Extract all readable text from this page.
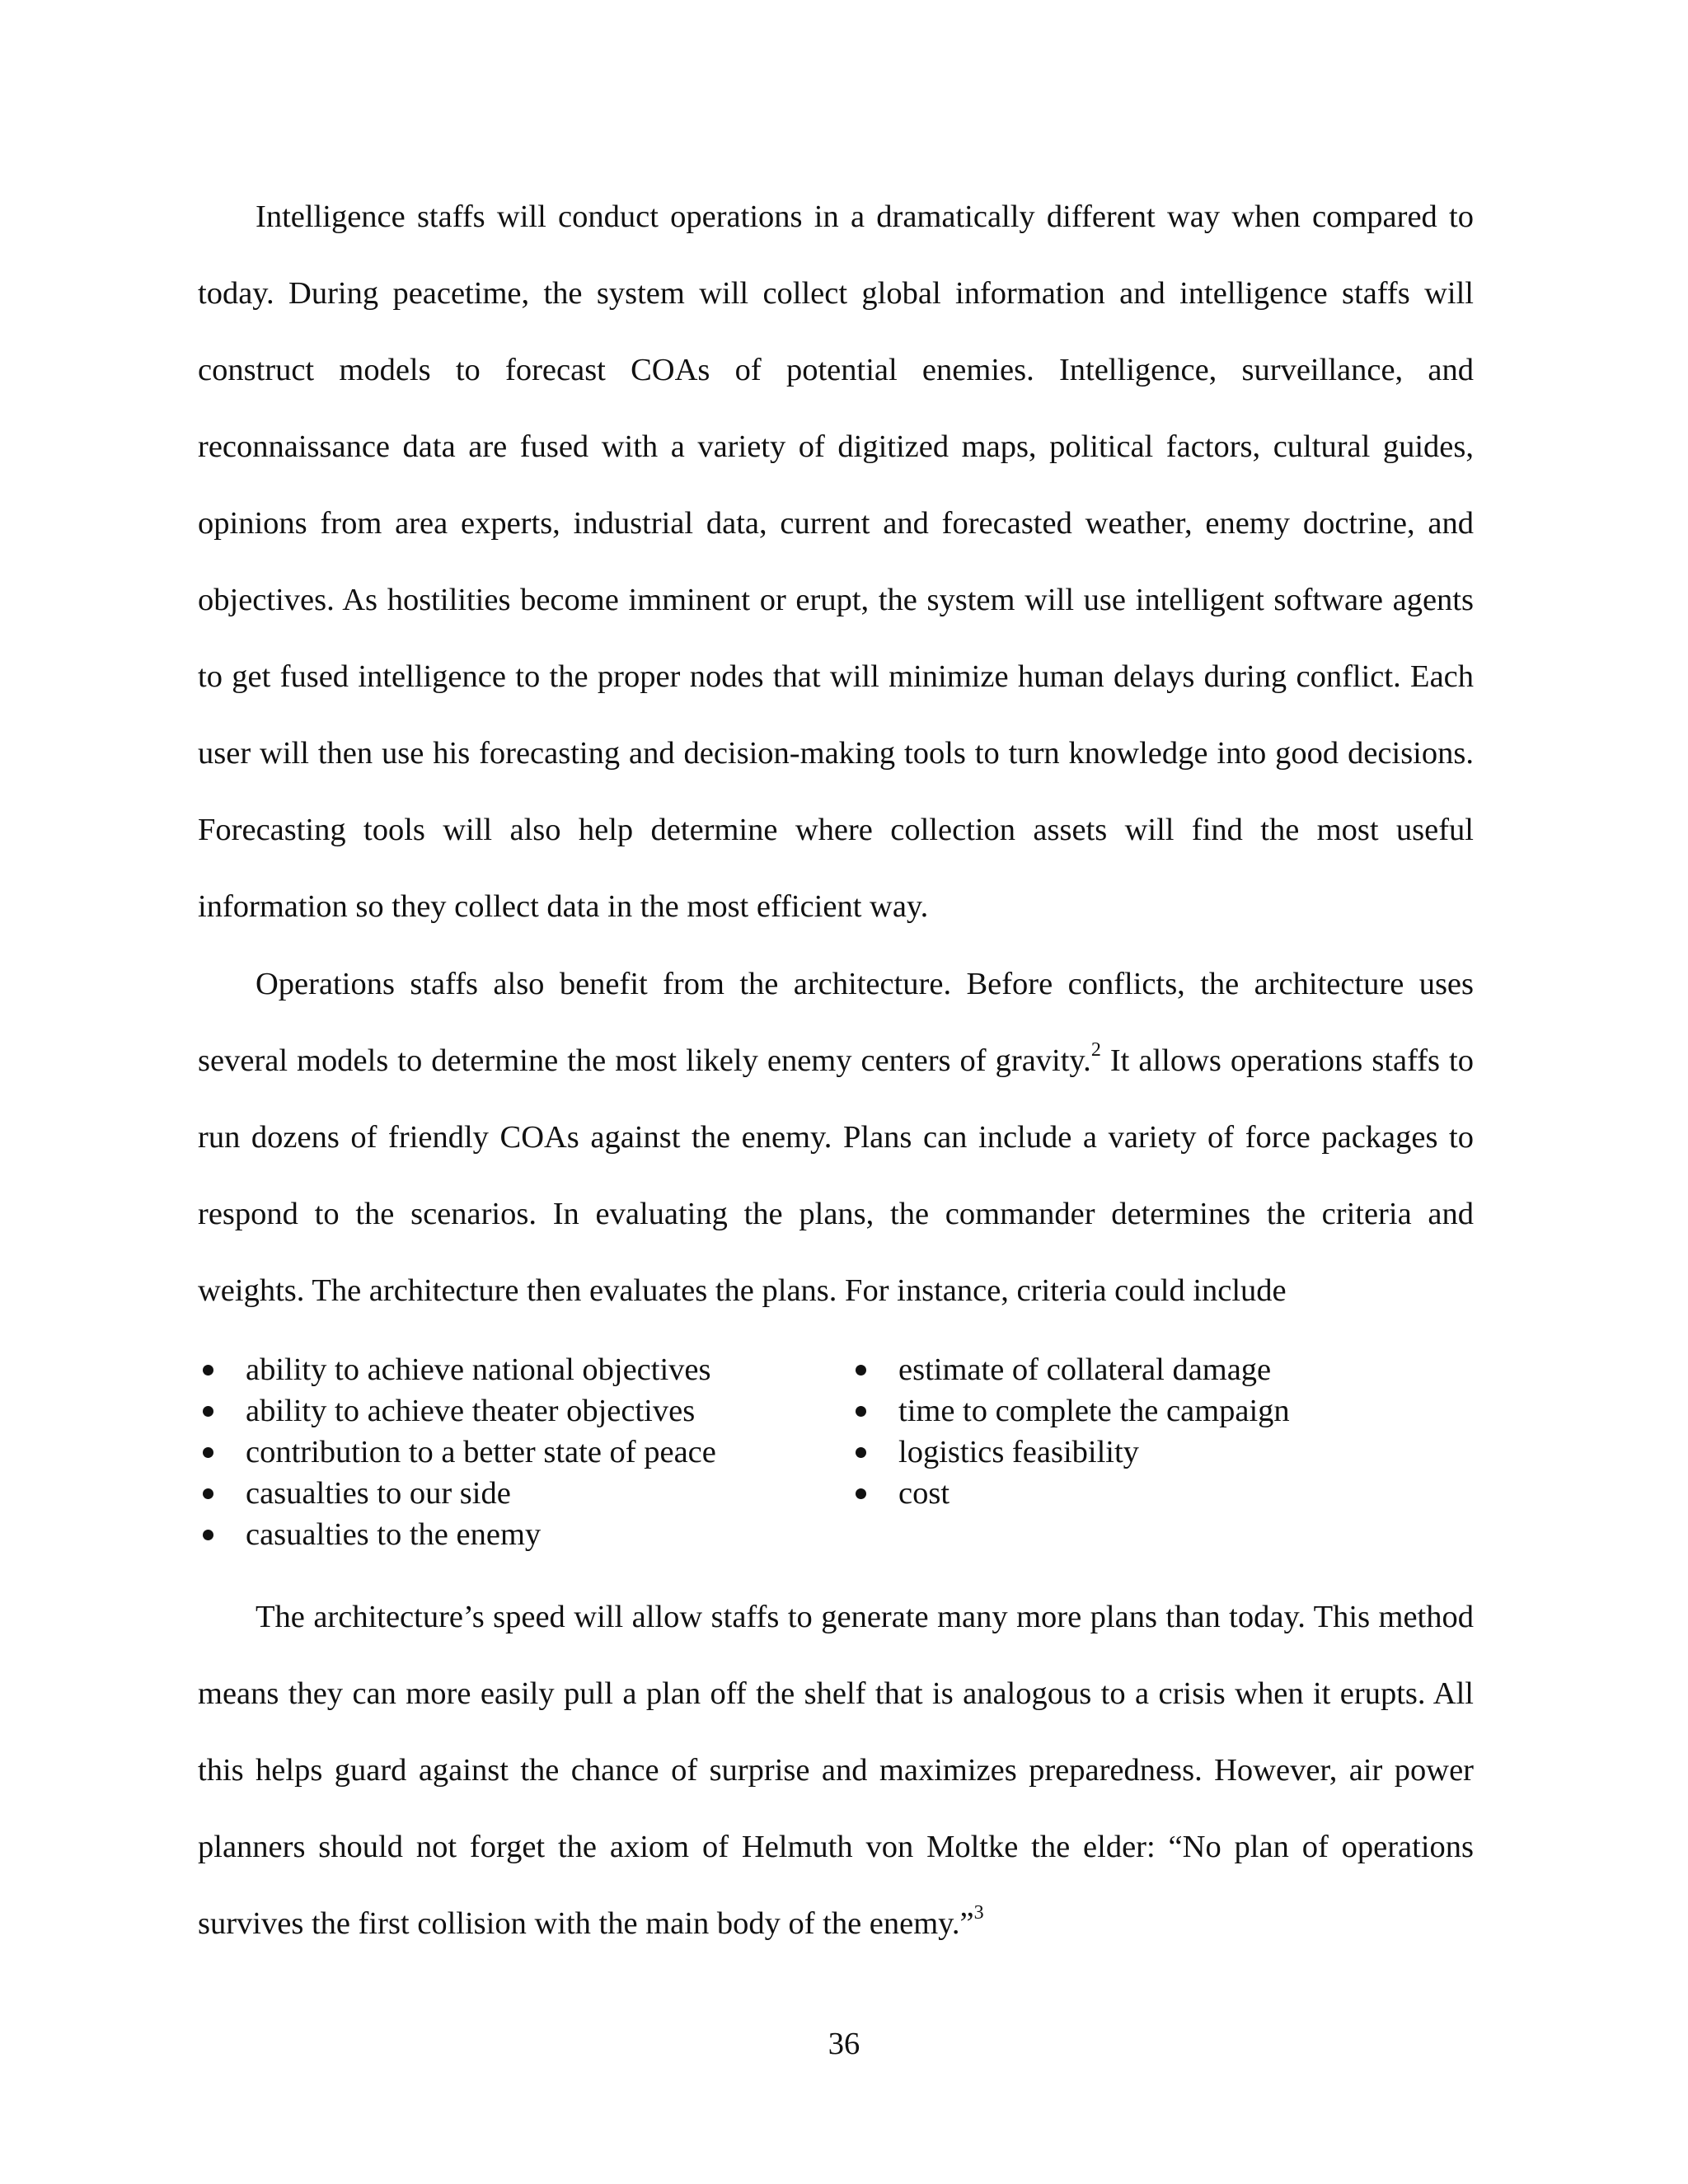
Intelligence staffs will conduct operations in a dramatically different way when compared to today. During peacetime, the system will collect global information and intelligence staffs will construct models to forecast COAs of potential enemies. Intelligence, surveillance, and reconnaissance data are fused with a variety of digitized maps, political factors, cultural guides, opinions from area experts, industrial data, current and forecasted weather, enemy doctrine, and objectives. As hostilities become imminent or erupt, the system will use intelligent software agents to get fused intelligence to the proper nodes that will minimize human delays during conflict. Each user will then use his forecasting and decision-making tools to turn knowledge into good decisions. Forecasting tools will also help determine where collection assets will find the most useful information so they collect data in the most efficient way.

Operations staffs also benefit from the architecture. Before conflicts, the architecture uses several models to determine the most likely enemy centers of gravity.$^2$ It allows operations staffs to run dozens of friendly COAs against the enemy. Plans can include a variety of force packages to respond to the scenarios. In evaluating the plans, the commander determines the criteria and weights. The architecture then evaluates the plans. For instance, criteria could include

ability to achieve national objectives
ability to achieve theater objectives
contribution to a better state of peace
casualties to our side
casualties to the enemy
estimate of collateral damage
time to complete the campaign
logistics feasibility
cost

The architecture’s speed will allow staffs to generate many more plans than today. This method means they can more easily pull a plan off the shelf that is analogous to a crisis when it erupts. All this helps guard against the chance of surprise and maximizes preparedness. However, air power planners should not forget the axiom of Helmuth von Moltke the elder: “No plan of operations survives the first collision with the main body of the enemy.”$^3$

36
